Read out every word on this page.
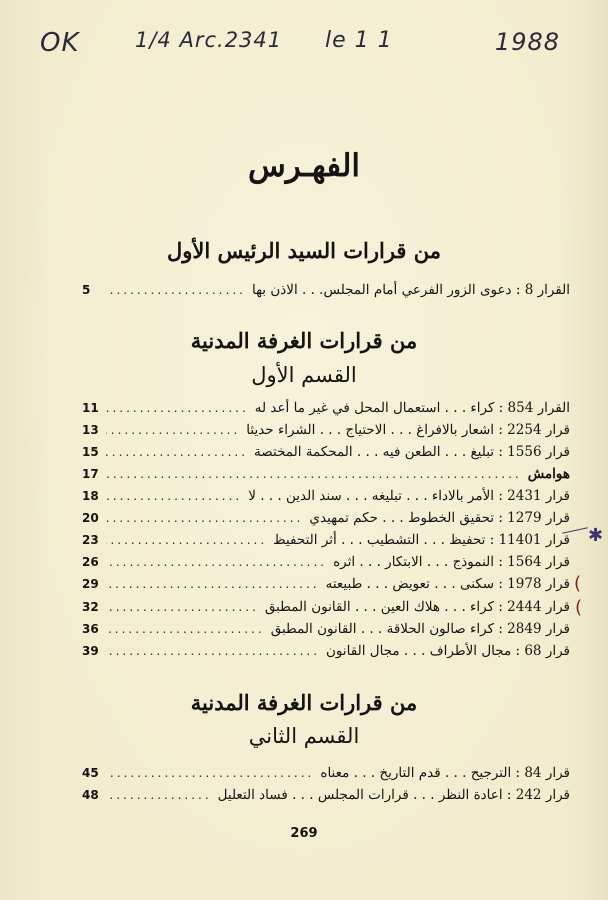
OK	1/4 Arc.2341 le 1 1	1988
الفهـرس
من قرارات السيد الرئيس الأول
القرار 8 : دعوى الزور الفرعي أمام المجلس. . . الاذن بها
.....
5
من قرارات الغرفة المدنية
القسم الأول
القرار 854 : كراء . . . استعمال المحل في غير ما أعد له
.....
11
قرار 2254 : اشعار بالافراغ . . . الاحتياج . . . الشراء حديثا
.....
13
قرار 1556 : تبليغ . . . الطعن فيه . . . المحكمة المختصة
.....
15
هوامش
.....
17
قرار 2431 : الأمر بالاداء . . . تبليغه . . . سند الدين . . . لا
.....
18
قرار 1279 : تحقيق الخطوط . . . حكم تمهيدي
.....
20
قرار 11401 : تحفيظ . . . التشطيب . . . أثر التحفيظ
.....
23
قرار 1564 : النموذج . . . الابتكار . . . اثره
.....
26
قرار 1978 : سكنى . . . تعويض . . . طبيعته
.....
29
قرار 2444 : كراء . . . هلاك العين . . . القانون المطبق
.....
32
قرار 2849 : كراء صالون الحلاقة . . . القانون المطبق
.....
36
قرار 68 : مجال الأطراف . . . مجال القانون
.....
39
من قرارات الغرفة المدنية
القسم الثاني
قرار 84 : الترجيح . . . قدم التاريخ . . . معناه
.....
45
قرار 242 : اعادة النظر . . . قرارات المجلس . . . فساد التعليل
.....
48
269
✱
(
(
